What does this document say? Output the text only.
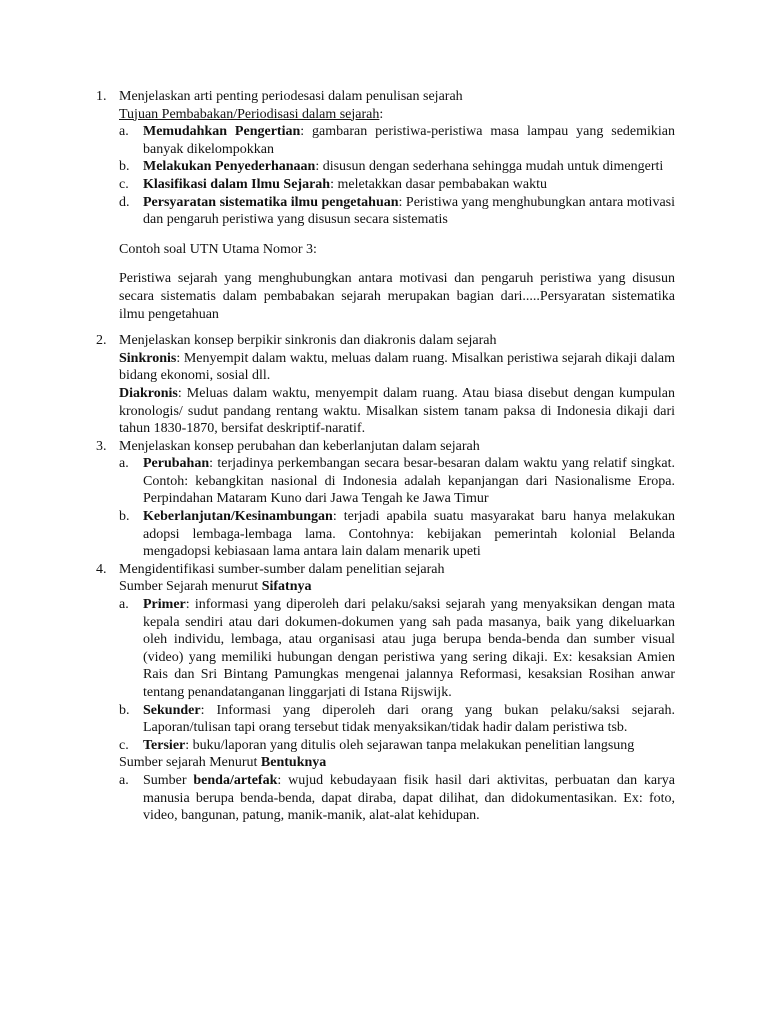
1. Menjelaskan arti penting periodesasi dalam penulisan sejarah
Tujuan Pembabakan/Periodisasi dalam sejarah:
a. Memudahkan Pengertian: gambaran peristiwa-peristiwa masa lampau yang sedemikian banyak dikelompokkan
b. Melakukan Penyederhanaan: disusun dengan sederhana sehingga mudah untuk dimengerti
c. Klasifikasi dalam Ilmu Sejarah: meletakkan dasar pembabakan waktu
d. Persyaratan sistematika ilmu pengetahuan: Peristiwa yang menghubungkan antara motivasi dan pengaruh peristiwa yang disusun secara sistematis
Contoh soal UTN Utama Nomor 3:
Peristiwa sejarah yang menghubungkan antara motivasi dan pengaruh peristiwa yang disusun secara sistematis dalam pembabakan sejarah merupakan bagian dari.....Persyaratan sistematika ilmu pengetahuan
2. Menjelaskan konsep berpikir sinkronis dan diakronis dalam sejarah
Sinkronis: Menyempit dalam waktu, meluas dalam ruang. Misalkan peristiwa sejarah dikaji dalam bidang ekonomi, sosial dll.
Diakronis: Meluas dalam waktu, menyempit dalam ruang. Atau biasa disebut dengan kumpulan kronologis/ sudut pandang rentang waktu. Misalkan sistem tanam paksa di Indonesia dikaji dari tahun 1830-1870, bersifat deskriptif-naratif.
3. Menjelaskan konsep perubahan dan keberlanjutan dalam sejarah
a. Perubahan: terjadinya perkembangan secara besar-besaran dalam waktu yang relatif singkat. Contoh: kebangkitan nasional di Indonesia adalah kepanjangan dari Nasionalisme Eropa. Perpindahan Mataram Kuno dari Jawa Tengah ke Jawa Timur
b. Keberlanjutan/Kesinambungan: terjadi apabila suatu masyarakat baru hanya melakukan adopsi lembaga-lembaga lama. Contohnya: kebijakan pemerintah kolonial Belanda mengadopsi kebiasaan lama antara lain dalam menarik upeti
4. Mengidentifikasi sumber-sumber dalam penelitian sejarah
Sumber Sejarah menurut Sifatnya
a. Primer: informasi yang diperoleh dari pelaku/saksi sejarah yang menyaksikan dengan mata kepala sendiri atau dari dokumen-dokumen yang sah pada masanya, baik yang dikeluarkan oleh individu, lembaga, atau organisasi atau juga berupa benda-benda dan sumber visual (video) yang memiliki hubungan dengan peristiwa yang sering dikaji. Ex: kesaksian Amien Rais dan Sri Bintang Pamungkas mengenai jalannya Reformasi, kesaksian Rosihan anwar tentang penandatanganan linggarjati di Istana Rijswijk.
b. Sekunder: Informasi yang diperoleh dari orang yang bukan pelaku/saksi sejarah. Laporan/tulisan tapi orang tersebut tidak menyaksikan/tidak hadir dalam peristiwa tsb.
c. Tersier: buku/laporan yang ditulis oleh sejarawan tanpa melakukan penelitian langsung
Sumber sejarah Menurut Bentuknya
a. Sumber benda/artefak: wujud kebudayaan fisik hasil dari aktivitas, perbuatan dan karya manusia berupa benda-benda, dapat diraba, dapat dilihat, dan didokumentasikan. Ex: foto, video, bangunan, patung, manik-manik, alat-alat kehidupan.
